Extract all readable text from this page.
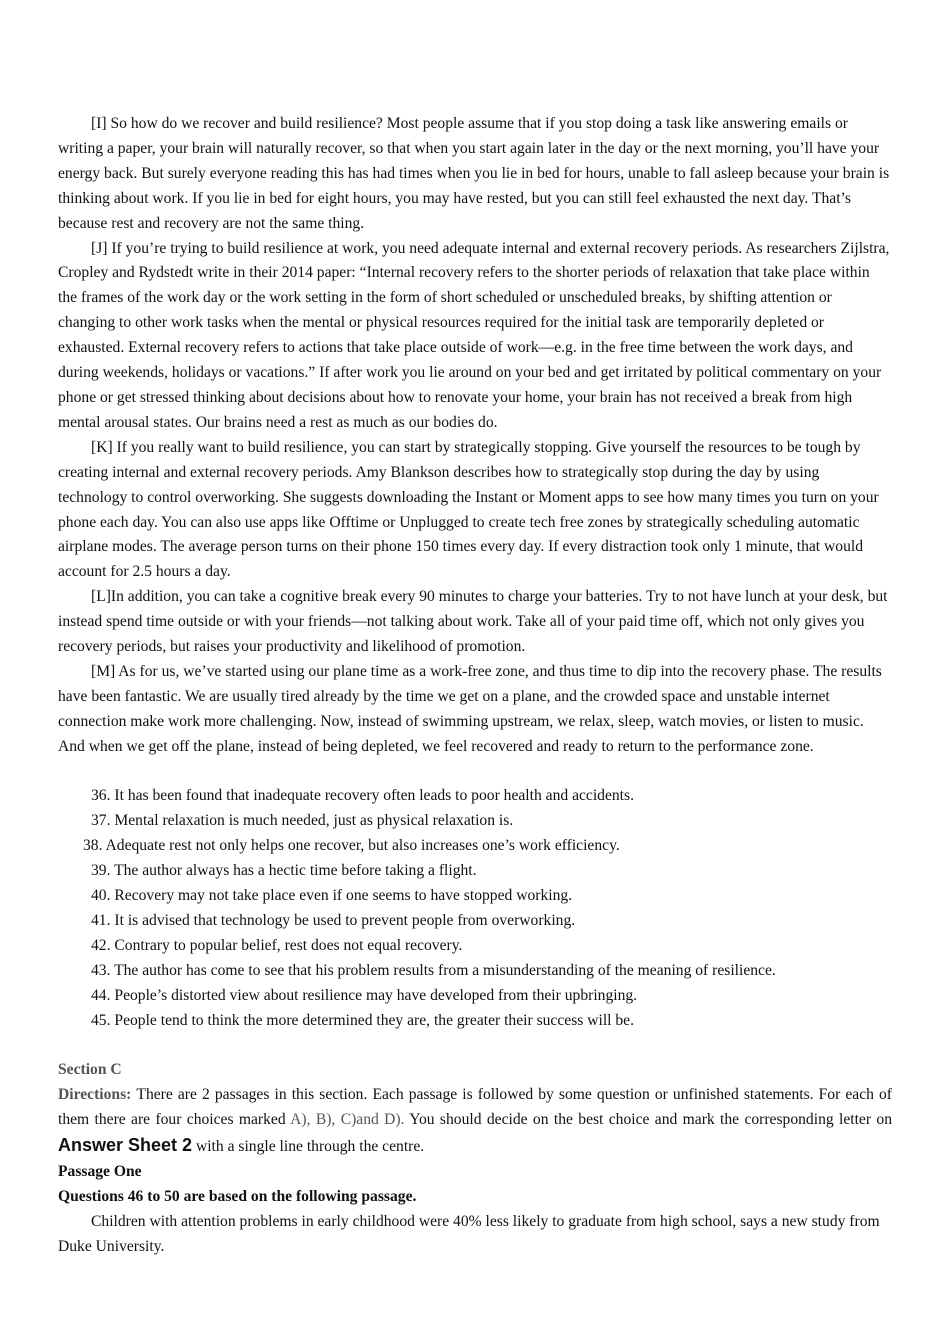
[I] So how do we recover and build resilience? Most people assume that if you stop doing a task like answering emails or writing a paper, your brain will naturally recover, so that when you start again later in the day or the next morning, you’ll have your energy back. But surely everyone reading this has had times when you lie in bed for hours, unable to fall asleep because your brain is thinking about work. If you lie in bed for eight hours, you may have rested, but you can still feel exhausted the next day. That’s because rest and recovery are not the same thing.

[J] If you’re trying to build resilience at work, you need adequate internal and external recovery periods. As researchers Zijlstra, Cropley and Rydstedt write in their 2014 paper: “Internal recovery refers to the shorter periods of relaxation that take place within the frames of the work day or the work setting in the form of short scheduled or unscheduled breaks, by shifting attention or changing to other work tasks when the mental or physical resources required for the initial task are temporarily depleted or exhausted. External recovery refers to actions that take place outside of work—e.g. in the free time between the work days, and during weekends, holidays or vacations.” If after work you lie around on your bed and get irritated by political commentary on your phone or get stressed thinking about decisions about how to renovate your home, your brain has not received a break from high mental arousal states. Our brains need a rest as much as our bodies do.

[K] If you really want to build resilience, you can start by strategically stopping. Give yourself the resources to be tough by creating internal and external recovery periods. Amy Blankson describes how to strategically stop during the day by using technology to control overworking. She suggests downloading the Instant or Moment apps to see how many times you turn on your phone each day. You can also use apps like Offtime or Unplugged to create tech free zones by strategically scheduling automatic airplane modes. The average person turns on their phone 150 times every day. If every distraction took only 1 minute, that would account for 2.5 hours a day.

[L]In addition, you can take a cognitive break every 90 minutes to charge your batteries. Try to not have lunch at your desk, but instead spend time outside or with your friends—not talking about work. Take all of your paid time off, which not only gives you recovery periods, but raises your productivity and likelihood of promotion.

[M] As for us, we’ve started using our plane time as a work-free zone, and thus time to dip into the recovery phase. The results have been fantastic. We are usually tired already by the time we get on a plane, and the crowded space and unstable internet connection make work more challenging. Now, instead of swimming upstream, we relax, sleep, watch movies, or listen to music. And when we get off the plane, instead of being depleted, we feel recovered and ready to return to the performance zone.

36. It has been found that inadequate recovery often leads to poor health and accidents.

37. Mental relaxation is much needed, just as physical relaxation is.

38. Adequate rest not only helps one recover, but also increases one’s work efficiency.

39. The author always has a hectic time before taking a flight.

40. Recovery may not take place even if one seems to have stopped working.

41. It is advised that technology be used to prevent people from overworking.

42. Contrary to popular belief, rest does not equal recovery.

43. The author has come to see that his problem results from a misunderstanding of the meaning of resilience.

44. People’s distorted view about resilience may have developed from their upbringing.

45. People tend to think the more determined they are, the greater their success will be.

Section C

Directions: There are 2 passages in this section. Each passage is followed by some question or unfinished statements. For each of them there are four choices marked A), B), C)and D). You should decide on the best choice and mark the corresponding letter on Answer Sheet 2 with a single line through the centre.

Passage One

Questions 46 to 50 are based on the following passage.

Children with attention problems in early childhood were 40% less likely to graduate from high school, says a new study from Duke University.
